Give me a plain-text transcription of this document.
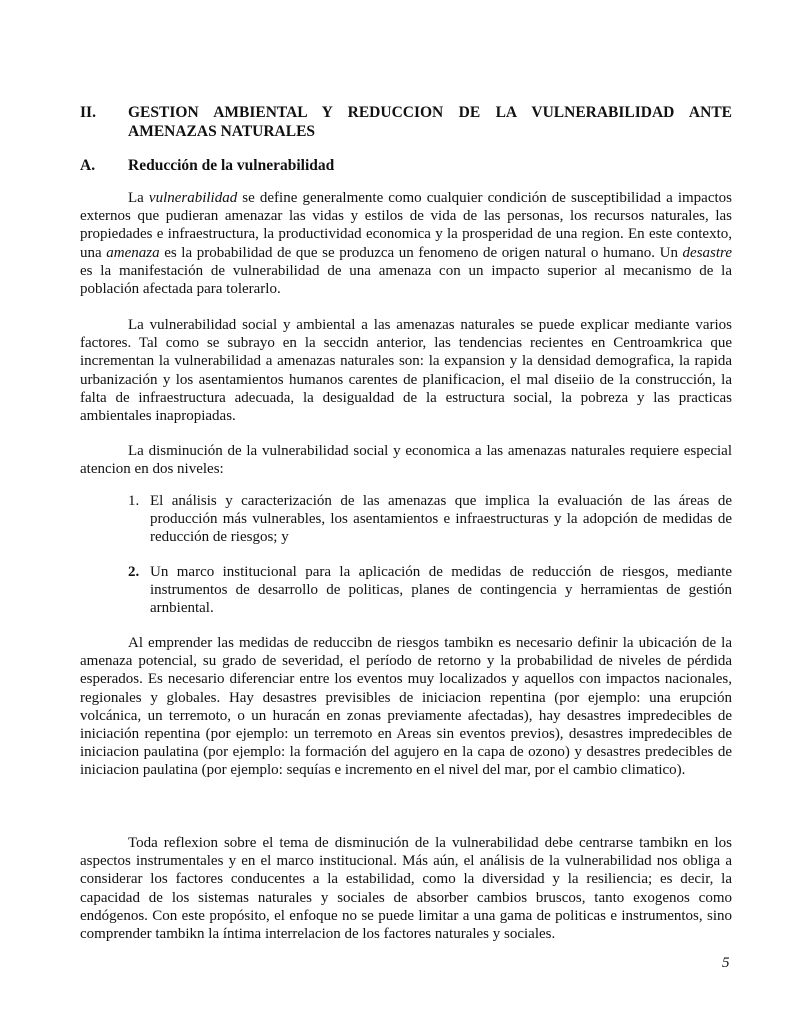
II. GESTION AMBIENTAL Y REDUCCION DE LA VULNERABILIDAD ANTE AMENAZAS NATURALES
A. Reducción de la vulnerabilidad

La vulnerabilidad se define generalmente como cualquier condición de susceptibilidad a impactos externos que pudieran amenazar las vidas y estilos de vida de las personas, los recursos naturales, las propiedades e infraestructura, la productividad economica y la prosperidad de una region. En este contexto, una amenaza es la probabilidad de que se produzca un fenomeno de origen natural o humano. Un desastre es la manifestación de vulnerabilidad de una amenaza con un impacto superior al mecanismo de la población afectada para tolerarlo.

La vulnerabilidad social y ambiental a las amenazas naturales se puede explicar mediante varios factores. Tal como se subrayo en la seccidn anterior, las tendencias recientes en Centroamkrica que incrementan la vulnerabilidad a amenazas naturales son: la expansion y la densidad demografica, la rapida urbanización y los asentamientos humanos carentes de planificacion, el mal diseiio de la construcción, la falta de infraestructura adecuada, la desigualdad de la estructura social, la pobreza y las practicas ambientales inapropiadas.

La disminución de la vulnerabilidad social y economica a las amenazas naturales requiere especial atencion en dos niveles:

1. El análisis y caracterización de las amenazas que implica la evaluación de las áreas de producción más vulnerables, los asentamientos e infraestructuras y la adopción de medidas de reducción de riesgos; y
2. Un marco institucional para la aplicación de medidas de reducción de riesgos, mediante instrumentos de desarrollo de politicas, planes de contingencia y herramientas de gestión arnbiental.

Al emprender las medidas de reduccibn de riesgos tambikn es necesario definir la ubicación de la amenaza potencial, su grado de severidad, el período de retorno y la probabilidad de niveles de pérdida esperados. Es necesario diferenciar entre los eventos muy localizados y aquellos con impactos nacionales, regionales y globales. Hay desastres previsibles de iniciacion repentina (por ejemplo: una erupción volcánica, un terremoto, o un huracán en zonas previamente afectadas), hay desastres impredecibles de iniciación repentina (por ejemplo: un terremoto en Areas sin eventos previos), desastres impredecibles de iniciacion paulatina (por ejemplo: la formación del agujero en la capa de ozono) y desastres predecibles de iniciacion paulatina (por ejemplo: sequías e incremento en el nivel del mar, por el cambio climatico).

Toda reflexion sobre el tema de disminución de la vulnerabilidad debe centrarse tambikn en los aspectos instrumentales y en el marco institucional. Más aún, el análisis de la vulnerabilidad nos obliga a considerar los factores conducentes a la estabilidad, como la diversidad y la resiliencia; es decir, la capacidad de los sistemas naturales y sociales de absorber cambios bruscos, tanto exogenos como endógenos. Con este propósito, el enfoque no se puede limitar a una gama de politicas e instrumentos, sino comprender tambikn la íntima interrelacion de los factores naturales y sociales.

5
